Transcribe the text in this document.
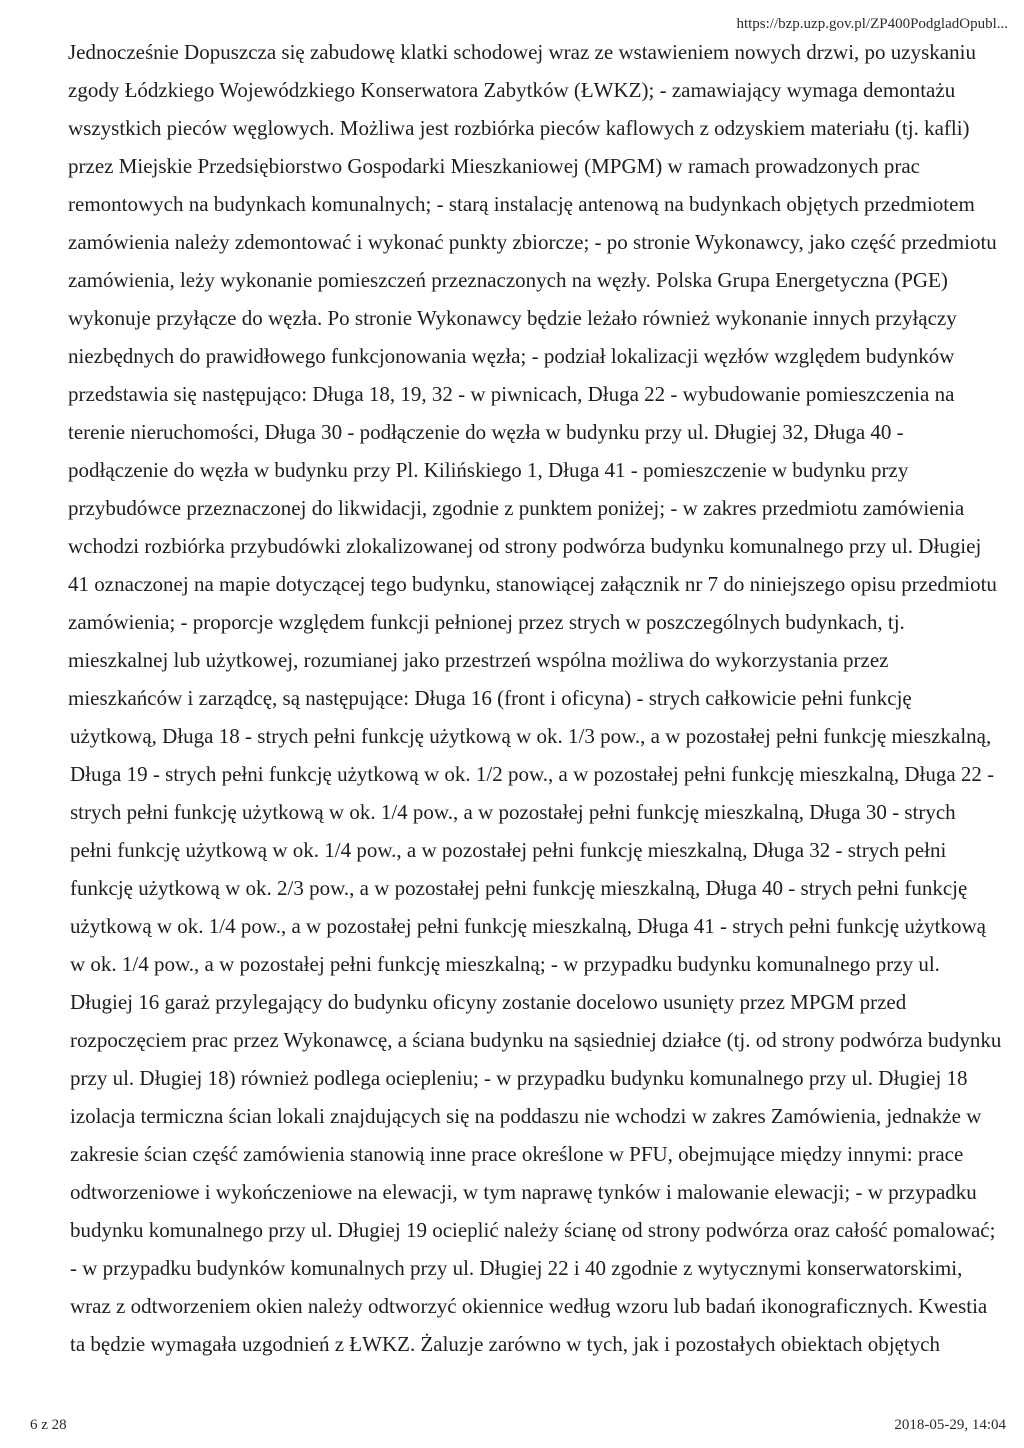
https://bzp.uzp.gov.pl/ZP400PodgladOpubl...
Jednocześnie Dopuszcza się zabudowę klatki schodowej wraz ze wstawieniem nowych drzwi, po uzyskaniu
zgody Łódzkiego Wojewódzkiego Konserwatora Zabytków (ŁWKZ); - zamawiający wymaga demontażu
wszystkich pieców węglowych. Możliwa jest rozbiórka pieców kaflowych z odzyskiem materiału (tj. kafli)
przez Miejskie Przedsiębiorstwo Gospodarki Mieszkaniowej (MPGM) w ramach prowadzonych prac
remontowych na budynkach komunalnych; - starą instalację antenową na budynkach objętych przedmiotem
zamówienia należy zdemontować i wykonać punkty zbiorcze; - po stronie Wykonawcy, jako część przedmiotu
zamówienia, leży wykonanie pomieszczeń przeznaczonych na węzły. Polska Grupa Energetyczna (PGE)
wykonuje przyłącze do węzła. Po stronie Wykonawcy będzie leżało również wykonanie innych przyłączy
niezbędnych do prawidłowego funkcjonowania węzła; - podział lokalizacji węzłów względem budynków
przedstawia się następująco: Długa 18, 19, 32 - w piwnicach, Długa 22 - wybudowanie pomieszczenia na
terenie nieruchomości, Długa 30 - podłączenie do węzła w budynku przy ul. Długiej 32, Długa 40 -
podłączenie do węzła w budynku przy Pl. Kilińskiego 1, Długa 41 - pomieszczenie w budynku przy
przybudówce przeznaczonej do likwidacji, zgodnie z punktem poniżej; - w zakres przedmiotu zamówienia
wchodzi rozbiórka przybudówki zlokalizowanej od strony podwórza budynku komunalnego przy ul. Długiej
41 oznaczonej na mapie dotyczącej tego budynku, stanowiącej załącznik nr 7 do niniejszego opisu przedmiotu
zamówienia; - proporcje względem funkcji pełnionej przez strych w poszczególnych budynkach, tj.
mieszkalnej lub użytkowej, rozumianej jako przestrzeń wspólna możliwa do wykorzystania przez
mieszkańców i zarządcę, są następujące: Długa 16 (front i oficyna) - strych całkowicie pełni funkcję
użytkową, Długa 18 - strych pełni funkcję użytkową w ok. 1/3 pow., a w pozostałej pełni funkcję mieszkalną,
Długa 19 - strych pełni funkcję użytkową w ok. 1/2 pow., a w pozostałej pełni funkcję mieszkalną, Długa 22 -
strych pełni funkcję użytkową w ok. 1/4 pow., a w pozostałej pełni funkcję mieszkalną, Długa 30 - strych
pełni funkcję użytkową w ok. 1/4 pow., a w pozostałej pełni funkcję mieszkalną, Długa 32 - strych pełni
funkcję użytkową w ok. 2/3 pow., a w pozostałej pełni funkcję mieszkalną, Długa 40 - strych pełni funkcję
użytkową w ok. 1/4 pow., a w pozostałej pełni funkcję mieszkalną, Długa 41 - strych pełni funkcję użytkową
w ok. 1/4 pow., a w pozostałej pełni funkcję mieszkalną; - w przypadku budynku komunalnego przy ul.
Długiej 16 garaż przylegający do budynku oficyny zostanie docelowo usunięty przez MPGM przed
rozpoczęciem prac przez Wykonawcę, a ściana budynku na sąsiedniej działce (tj. od strony podwórza budynku
przy ul. Długiej 18) również podlega ociepleniu; - w przypadku budynku komunalnego przy ul. Długiej 18
izolacja termiczna ścian lokali znajdujących się na poddaszu nie wchodzi w zakres Zamówienia, jednakże w
zakresie ścian część zamówienia stanowią inne prace określone w PFU, obejmujące między innymi: prace
odtworzeniowe i wykończeniowe na elewacji, w tym naprawę tynków i malowanie elewacji; - w przypadku
budynku komunalnego przy ul. Długiej 19 ocieplić należy ścianę od strony podwórza oraz całość pomalować;
- w przypadku budynków komunalnych przy ul. Długiej 22 i 40 zgodnie z wytycznymi konserwatorskimi,
wraz z odtworzeniem okien należy odtworzyć okiennice według wzoru lub badań ikonograficznych. Kwestia
ta będzie wymagała uzgodnień z ŁWKZ. Żaluzje zarówno w tych, jak i pozostałych obiektach objętych
6 z 28	2018-05-29, 14:04
